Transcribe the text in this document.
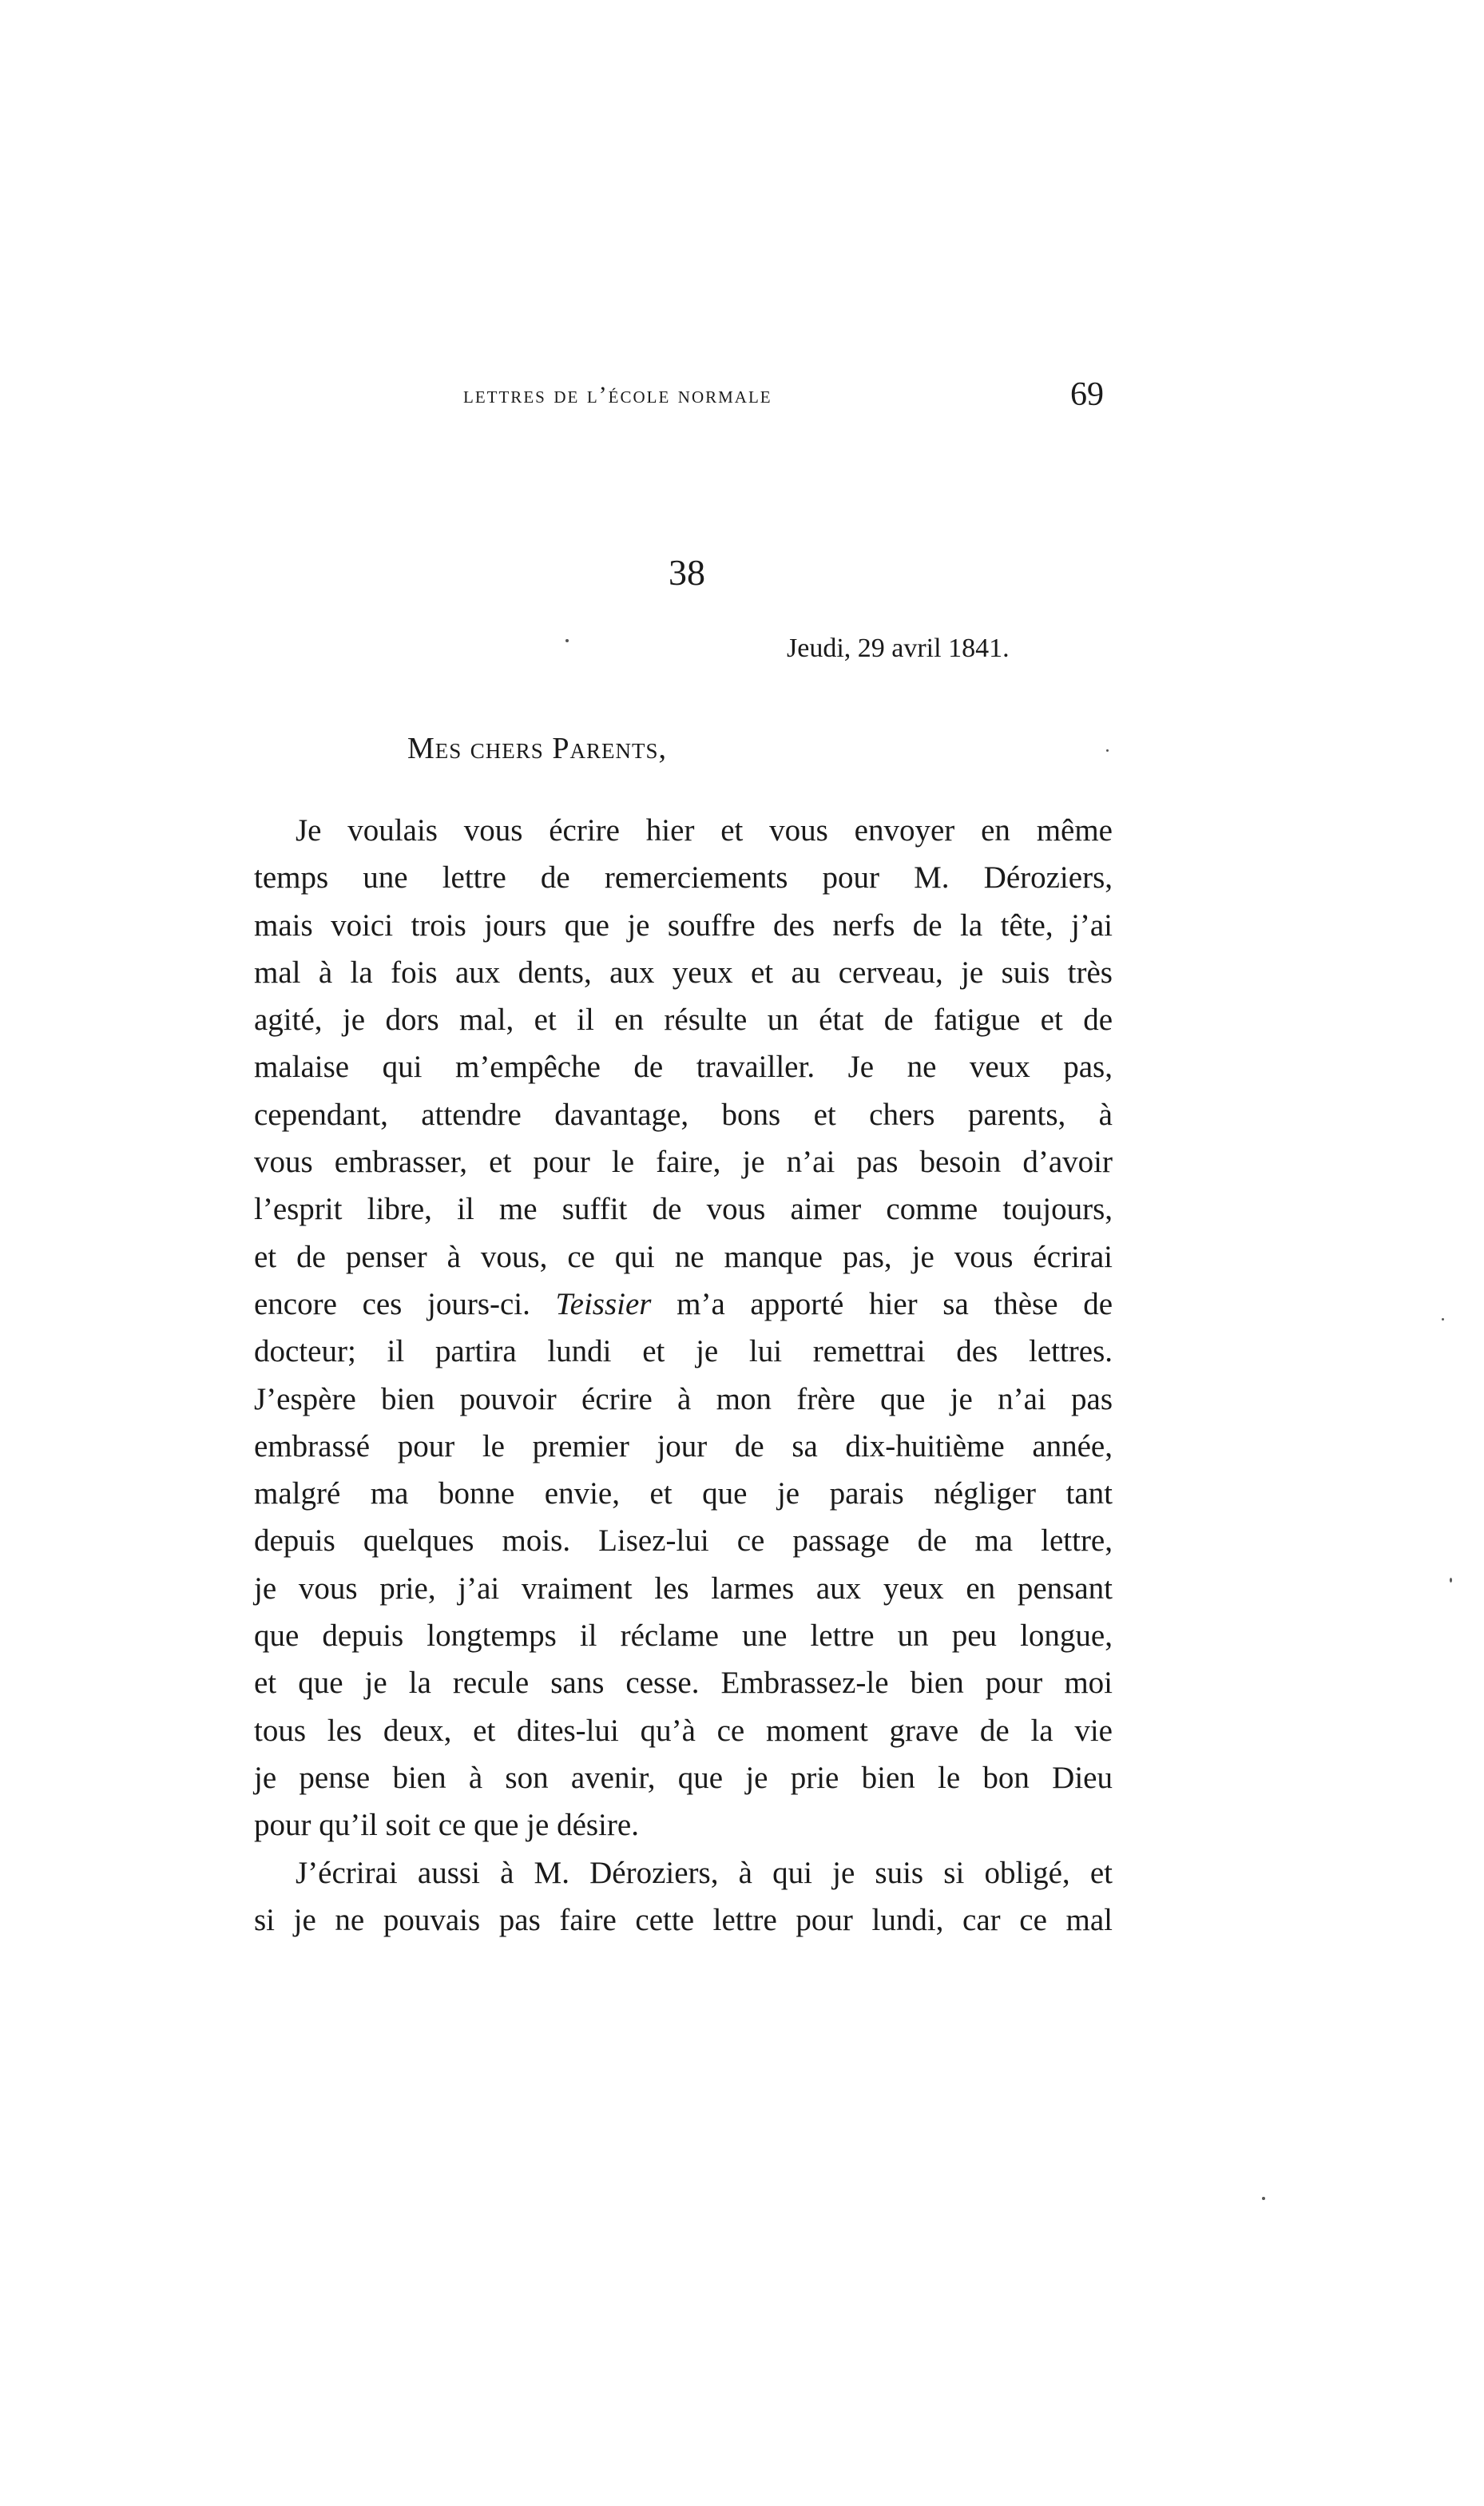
lettres de l’école normale	69
38
Jeudi, 29 avril 1841.
Mes chers Parents,
Je voulais vous écrire hier et vous envoyer en même
temps une lettre de remerciements pour M. Déroziers,
mais voici trois jours que je souffre des nerfs de la tête, j’ai
mal à la fois aux dents, aux yeux et au cerveau, je suis très
agité, je dors mal, et il en résulte un état de fatigue et de
malaise qui m’empêche de travailler. Je ne veux pas,
cependant, attendre davantage, bons et chers parents, à
vous embrasser, et pour le faire, je n’ai pas besoin d’avoir
l’esprit libre, il me suffit de vous aimer comme toujours,
et de penser à vous, ce qui ne manque pas, je vous écrirai
encore ces jours-ci. Teissier m’a apporté hier sa thèse de
docteur; il partira lundi et je lui remettrai des lettres.
J’espère bien pouvoir écrire à mon frère que je n’ai pas
embrassé pour le premier jour de sa dix-huitième année,
malgré ma bonne envie, et que je parais négliger tant
depuis quelques mois. Lisez-lui ce passage de ma lettre,
je vous prie, j’ai vraiment les larmes aux yeux en pensant
que depuis longtemps il réclame une lettre un peu longue,
et que je la recule sans cesse. Embrassez-le bien pour moi
tous les deux, et dites-lui qu’à ce moment grave de la vie
je pense bien à son avenir, que je prie bien le bon Dieu
pour qu’il soit ce que je désire.
J’écrirai aussi à M. Déroziers, à qui je suis si obligé, et
si je ne pouvais pas faire cette lettre pour lundi, car ce mal
